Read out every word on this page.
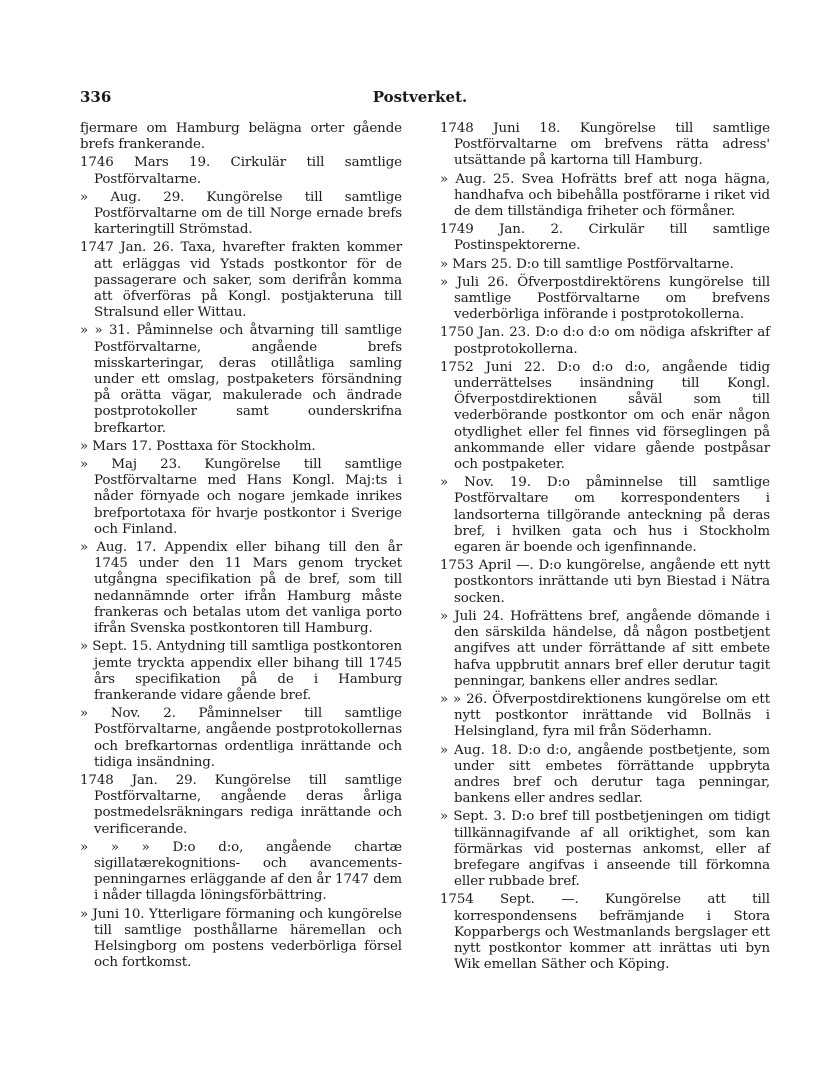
336	Postverket.

fjermare om Hamburg belägna orter gående brefs frankerande.

1746 Mars 19. Cirkulär till samtlige Postförvaltarne.

» Aug. 29. Kungörelse till samtlige Postförvaltarne om de till Norge ernade brefs karteringtill Strömstad.

1747 Jan. 26. Taxa, hvarefter frakten kommer att erläggas vid Ystads postkontor för de passagerare och saker, som derifrån komma att öfverföras på Kongl. postjakteruna till Stralsund eller Wittau.

» » 31. Påminnelse och åtvarning till samtlige Postförvaltarne, angående brefs misskarteringar, deras otillåtliga samling under ett omslag, postpaketers försändning på orätta vägar, makulerade och ändrade postprotokoller samt ounderskrifna brefkartor.

» Mars 17. Posttaxa för Stockholm.

» Maj 23. Kungörelse till samtlige Postförvaltarne med Hans Kongl. Maj:ts i nåder förnyade och nogare jemkade inrikes brefportotaxa för hvarje postkontor i Sverige och Finland.

» Aug. 17. Appendix eller bihang till den år 1745 under den 11 Mars genom trycket utgångna specifikation på de bref, som till nedannämnde orter ifrån Hamburg måste frankeras och betalas utom det vanliga porto ifrån Svenska postkontoren till Hamburg.

» Sept. 15. Antydning till samtliga postkontoren jemte tryckta appendix eller bihang till 1745 års specifikation på de i Hamburg frankerande vidare gående bref.

» Nov. 2. Påminnelser till samtlige Postförvaltarne, angående postprotokollernas och brefkartornas ordentliga inrättande och tidiga insändning.

1748 Jan. 29. Kungörelse till samtlige Postförvaltarne, angående deras årliga postmedelsräkningars rediga inrättande och verificerande.

» » » D:o d:o, angående chartæ sigillatærekognitions- och avancements-penningarnes erläggande af den år 1747 dem i nåder tillagda löningsförbättring.

» Juni 10. Ytterligare förmaning och kungörelse till samtlige posthållarne häremellan och Helsingborg om postens vederbörliga försel och fortkomst.

1748 Juni 18. Kungörelse till samtlige Postförvaltarne om brefvens rätta adress' utsättande på kartorna till Hamburg.

» Aug. 25. Svea Hofrätts bref att noga hägna, handhafva och bibehålla postförarne i riket vid de dem tillständiga friheter och förmåner.

1749 Jan. 2. Cirkulär till samtlige Postinspektorerne.

» Mars 25. D:o till samtlige Postförvaltarne.

» Juli 26. Öfverpostdirektörens kungörelse till samtlige Postförvaltarne om brefvens vederbörliga införande i postprotokollerna.

1750 Jan. 23. D:o d:o d:o om nödiga afskrifter af postprotokollerna.

1752 Juni 22. D:o d:o d:o, angående tidig underrättelses insändning till Kongl. Öfverpostdirektionen såväl som till vederbörande postkontor om och enär någon otydlighet eller fel finnes vid förseglingen på ankommande eller vidare gående postpåsar och postpaketer.

» Nov. 19. D:o påminnelse till samtlige Postförvaltare om korrespondenters i landsorterna tillgörande anteckning på deras bref, i hvilken gata och hus i Stockholm egaren är boende och igenfinnande.

1753 April —. D:o kungörelse, angående ett nytt postkontors inrättande uti byn Biestad i Nätra socken.

» Juli 24. Hofrättens bref, angående dömande i den särskilda händelse, då någon postbetjent angifves att under förrättande af sitt embete hafva uppbrutit annars bref eller derutur tagit penningar, bankens eller andres sedlar.

» » 26. Öfverpostdirektionens kungörelse om ett nytt postkontor inrättande vid Bollnäs i Helsingland, fyra mil från Söderhamn.

» Aug. 18. D:o d:o, angående postbetjente, som under sitt embetes förrättande uppbryta andres bref och derutur taga penningar, bankens eller andres sedlar.

» Sept. 3. D:o bref till postbetjeningen om tidigt tillkännagifvande af all oriktighet, som kan förmärkas vid posternas ankomst, eller af brefegare angifvas i anseende till förkomna eller rubbade bref.

1754 Sept. —. Kungörelse att till korrespondensens befrämjande i Stora Kopparbergs och Westmanlands bergslager ett nytt postkontor kommer att inrättas uti byn Wik emellan Säther och Köping.
